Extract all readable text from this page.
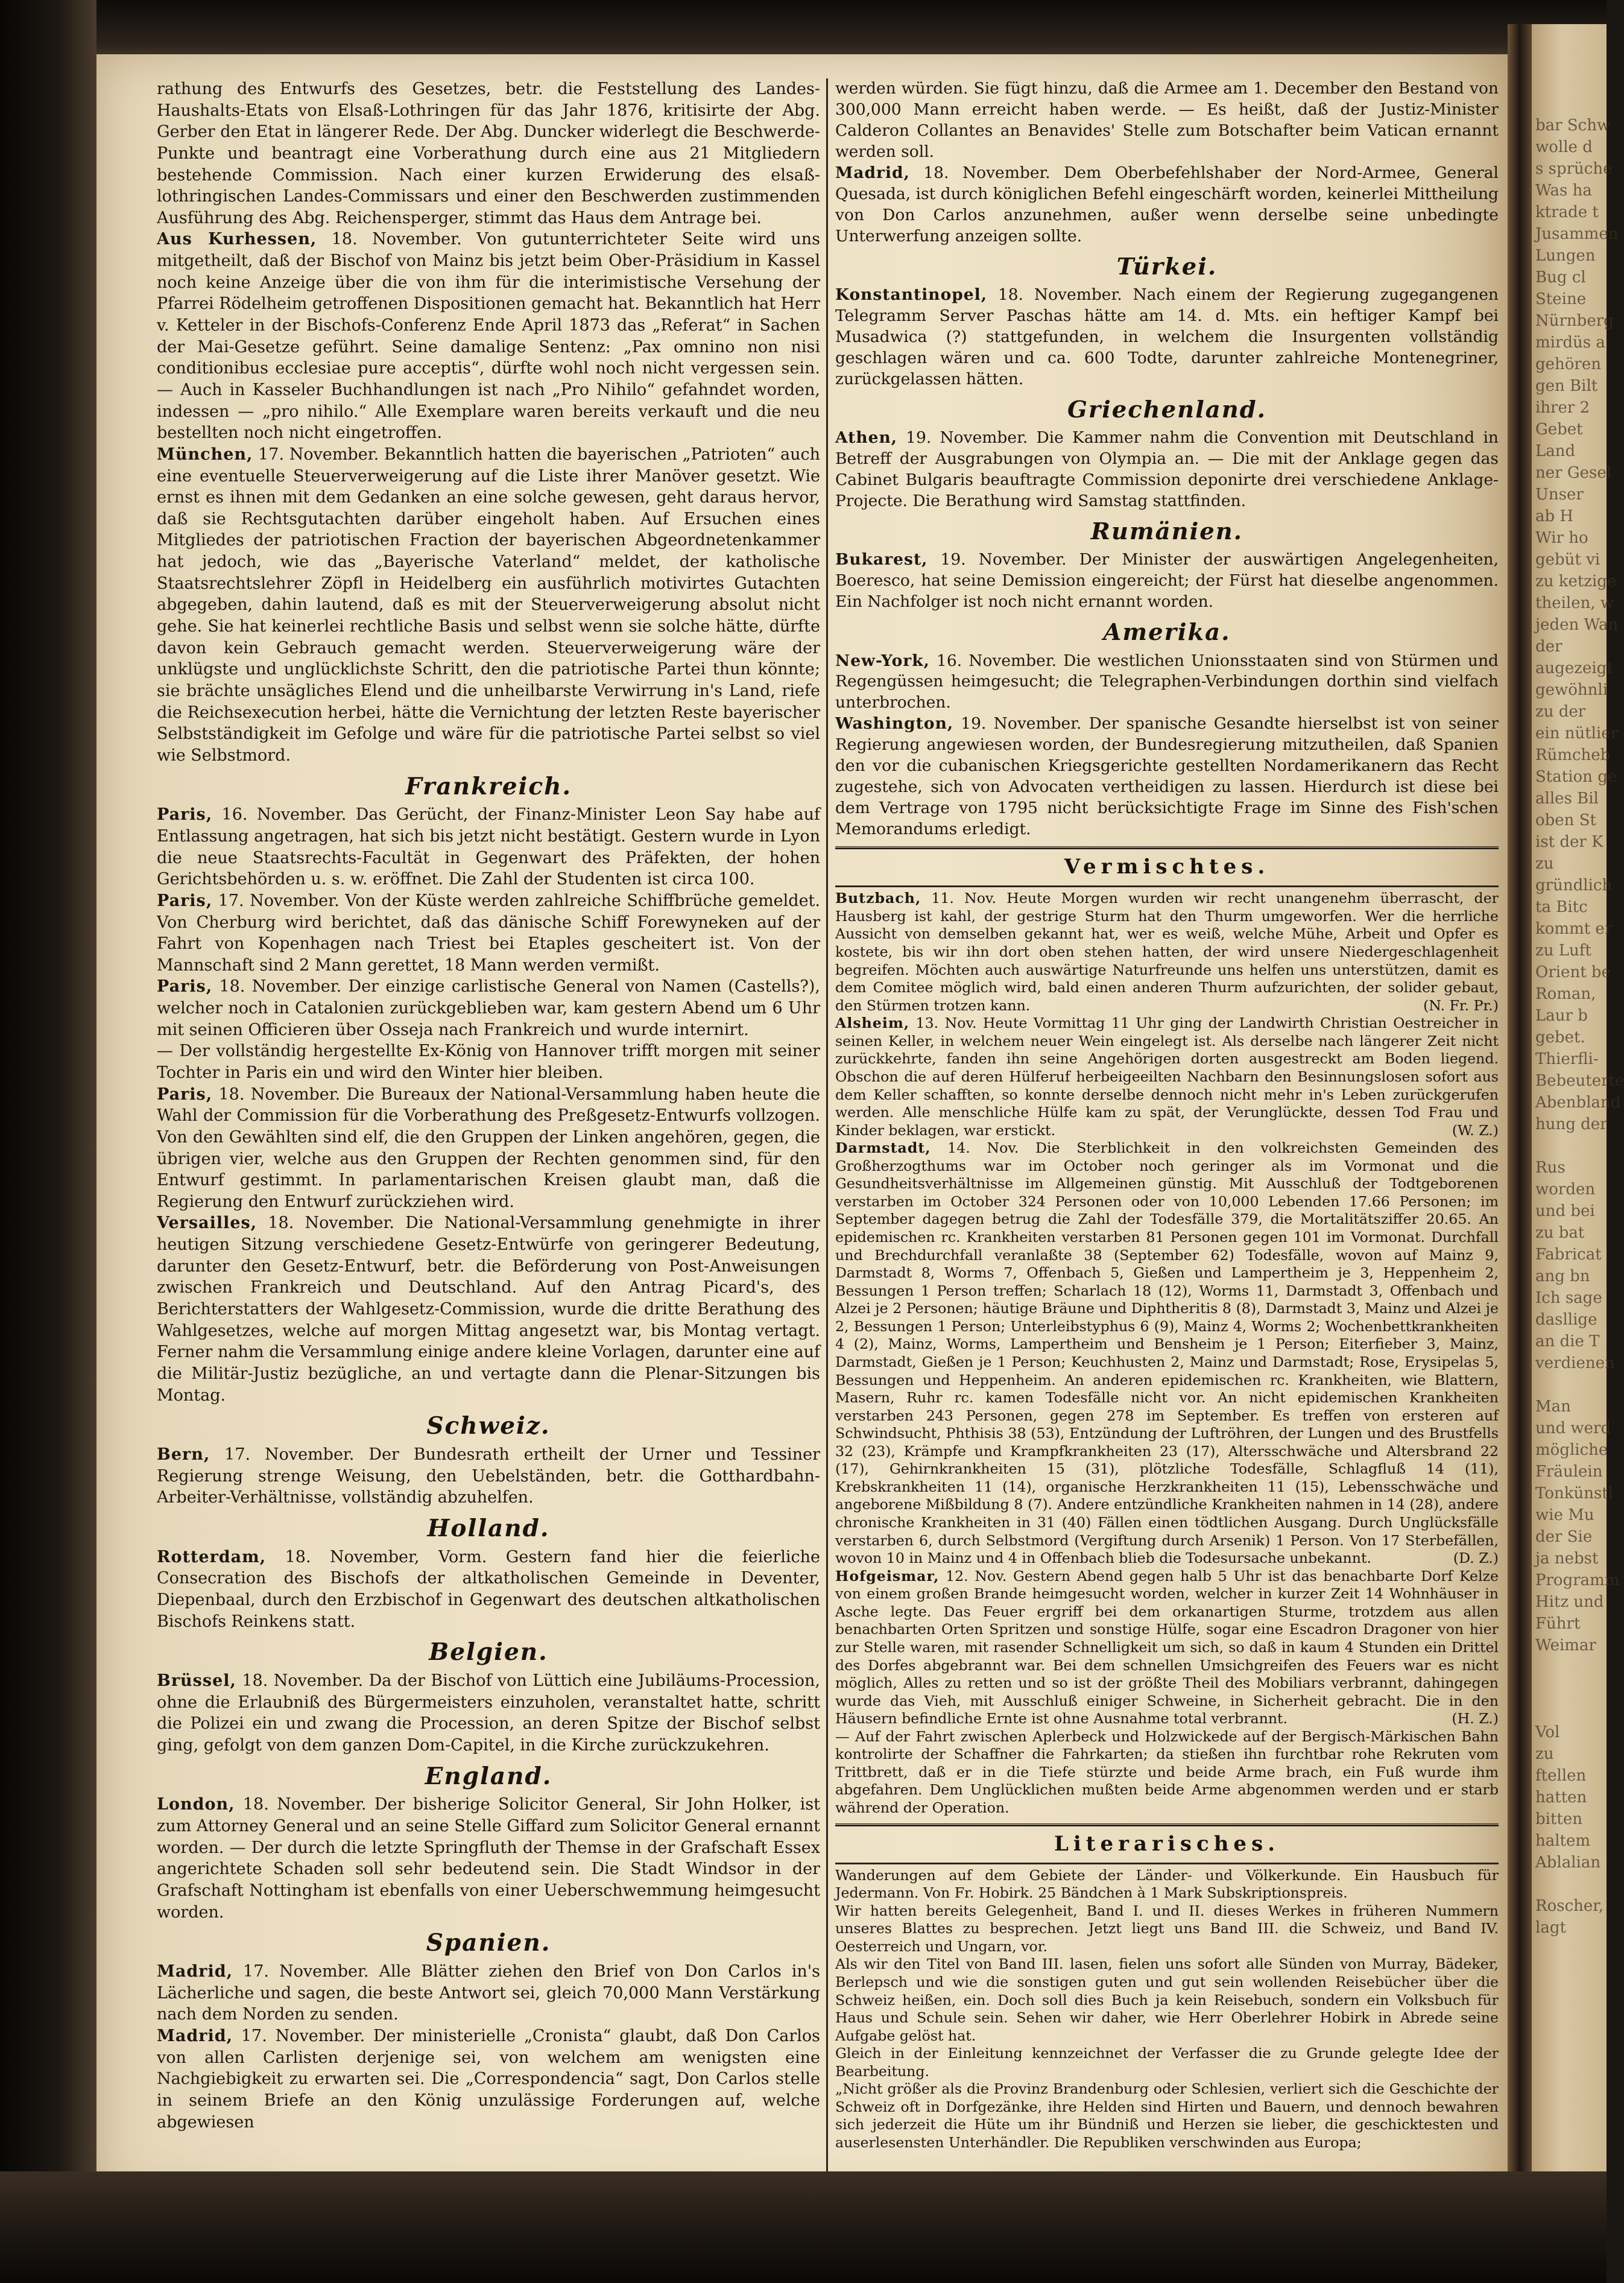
rathung des Entwurfs des Gesetzes, betr. die Feststellung des Landes-Haushalts-Etats von Elsaß-Lothringen für das Jahr 1876, kritisirte der Abg. Gerber den Etat in längerer Rede. Der Abg. Duncker widerlegt die Beschwerde-Punkte und beantragt eine Vorberathung durch eine aus 21 Mitgliedern bestehende Commission. Nach einer kurzen Erwiderung des elsaß-lothringischen Landes-Commissars und einer den Beschwerden zustimmenden Ausführung des Abg. Reichensperger, stimmt das Haus dem Antrage bei.

Aus Kurhessen, 18. November. Von gutunterrichteter Seite wird uns mitgetheilt, daß der Bischof von Mainz bis jetzt beim Ober-Präsidium in Kassel noch keine Anzeige über die von ihm für die interimistische Versehung der Pfarrei Rödelheim getroffenen Dispositionen gemacht hat. Bekanntlich hat Herr v. Ketteler in der Bischofs-Conferenz Ende April 1873 das „Referat“ in Sachen der Mai-Gesetze geführt. Seine damalige Sentenz: „Pax omnino non nisi conditionibus ecclesiae pure acceptis“, dürfte wohl noch nicht vergessen sein. — Auch in Kasseler Buchhandlungen ist nach „Pro Nihilo“ gefahndet worden, indessen — „pro nihilo.“ Alle Exemplare waren bereits verkauft und die neu bestellten noch nicht eingetroffen.

München, 17. November. Bekanntlich hatten die bayerischen „Patrioten“ auch eine eventuelle Steuerverweigerung auf die Liste ihrer Manöver gesetzt. Wie ernst es ihnen mit dem Gedanken an eine solche gewesen, geht daraus hervor, daß sie Rechtsgutachten darüber eingeholt haben. Auf Ersuchen eines Mitgliedes der patriotischen Fraction der bayerischen Abgeordnetenkammer hat jedoch, wie das „Bayerische Vaterland“ meldet, der katholische Staatsrechtslehrer Zöpfl in Heidelberg ein ausführlich motivirtes Gutachten abgegeben, dahin lautend, daß es mit der Steuerverweigerung absolut nicht gehe. Sie hat keinerlei rechtliche Basis und selbst wenn sie solche hätte, dürfte davon kein Gebrauch gemacht werden. Steuerverweigerung wäre der unklügste und unglücklichste Schritt, den die patriotische Partei thun könnte; sie brächte unsägliches Elend und die unheilbarste Verwirrung in's Land, riefe die Reichsexecution herbei, hätte die Vernichtung der letzten Reste bayerischer Selbstständigkeit im Gefolge und wäre für die patriotische Partei selbst so viel wie Selbstmord.

Frankreich.

Paris, 16. November. Das Gerücht, der Finanz-Minister Leon Say habe auf Entlassung angetragen, hat sich bis jetzt nicht bestätigt. Gestern wurde in Lyon die neue Staatsrechts-Facultät in Gegenwart des Präfekten, der hohen Gerichtsbehörden u. s. w. eröffnet. Die Zahl der Studenten ist circa 100.

Paris, 17. November. Von der Küste werden zahlreiche Schiffbrüche gemeldet. Von Cherburg wird berichtet, daß das dänische Schiff Forewyneken auf der Fahrt von Kopenhagen nach Triest bei Etaples gescheitert ist. Von der Mannschaft sind 2 Mann gerettet, 18 Mann werden vermißt.

Paris, 18. November. Der einzige carlistische General von Namen (Castells?), welcher noch in Catalonien zurückgeblieben war, kam gestern Abend um 6 Uhr mit seinen Officieren über Osseja nach Frankreich und wurde internirt.

— Der vollständig hergestellte Ex-König von Hannover trifft morgen mit seiner Tochter in Paris ein und wird den Winter hier bleiben.

Paris, 18. November. Die Bureaux der National-Versammlung haben heute die Wahl der Commission für die Vorberathung des Preßgesetz-Entwurfs vollzogen. Von den Gewählten sind elf, die den Gruppen der Linken angehören, gegen, die übrigen vier, welche aus den Gruppen der Rechten genommen sind, für den Entwurf gestimmt. In parlamentarischen Kreisen glaubt man, daß die Regierung den Entwurf zurückziehen wird.

Versailles, 18. November. Die National-Versammlung genehmigte in ihrer heutigen Sitzung verschiedene Gesetz-Entwürfe von geringerer Bedeutung, darunter den Gesetz-Entwurf, betr. die Beförderung von Post-Anweisungen zwischen Frankreich und Deutschland. Auf den Antrag Picard's, des Berichterstatters der Wahlgesetz-Commission, wurde die dritte Berathung des Wahlgesetzes, welche auf morgen Mittag angesetzt war, bis Montag vertagt. Ferner nahm die Versammlung einige andere kleine Vorlagen, darunter eine auf die Militär-Justiz bezügliche, an und vertagte dann die Plenar-Sitzungen bis Montag.

Schweiz.

Bern, 17. November. Der Bundesrath ertheilt der Urner und Tessiner Regierung strenge Weisung, den Uebelständen, betr. die Gotthardbahn-Arbeiter-Verhältnisse, vollständig abzuhelfen.

Holland.

Rotterdam, 18. November, Vorm. Gestern fand hier die feierliche Consecration des Bischofs der altkatholischen Gemeinde in Deventer, Diepenbaal, durch den Erzbischof in Gegenwart des deutschen altkatholischen Bischofs Reinkens statt.

Belgien.

Brüssel, 18. November. Da der Bischof von Lüttich eine Jubiläums-Procession, ohne die Erlaubniß des Bürgermeisters einzuholen, veranstaltet hatte, schritt die Polizei ein und zwang die Procession, an deren Spitze der Bischof selbst ging, gefolgt von dem ganzen Dom-Capitel, in die Kirche zurückzukehren.

England.

London, 18. November. Der bisherige Solicitor General, Sir John Holker, ist zum Attorney General und an seine Stelle Giffard zum Solicitor General ernannt worden. — Der durch die letzte Springfluth der Themse in der Grafschaft Essex angerichtete Schaden soll sehr bedeutend sein. Die Stadt Windsor in der Grafschaft Nottingham ist ebenfalls von einer Ueberschwemmung heimgesucht worden.

Spanien.

Madrid, 17. November. Alle Blätter ziehen den Brief von Don Carlos in's Lächerliche und sagen, die beste Antwort sei, gleich 70,000 Mann Verstärkung nach dem Norden zu senden.

Madrid, 17. November. Der ministerielle „Cronista“ glaubt, daß Don Carlos von allen Carlisten derjenige sei, von welchem am wenigsten eine Nachgiebigkeit zu erwarten sei. Die „Correspondencia“ sagt, Don Carlos stelle in seinem Briefe an den König unzulässige Forderungen auf, welche abgewiesen

werden würden. Sie fügt hinzu, daß die Armee am 1. December den Bestand von 300,000 Mann erreicht haben werde. — Es heißt, daß der Justiz-Minister Calderon Collantes an Benavides' Stelle zum Botschafter beim Vatican ernannt werden soll.

Madrid, 18. November. Dem Oberbefehlshaber der Nord-Armee, General Quesada, ist durch königlichen Befehl eingeschärft worden, keinerlei Mittheilung von Don Carlos anzunehmen, außer wenn derselbe seine unbedingte Unterwerfung anzeigen sollte.

Türkei.

Konstantinopel, 18. November. Nach einem der Regierung zugegangenen Telegramm Server Paschas hätte am 14. d. Mts. ein heftiger Kampf bei Musadwica (?) stattgefunden, in welchem die Insurgenten vollständig geschlagen wären und ca. 600 Todte, darunter zahlreiche Montenegriner, zurückgelassen hätten.

Griechenland.

Athen, 19. November. Die Kammer nahm die Convention mit Deutschland in Betreff der Ausgrabungen von Olympia an. — Die mit der Anklage gegen das Cabinet Bulgaris beauftragte Commission deponirte drei verschiedene Anklage-Projecte. Die Berathung wird Samstag stattfinden.

Rumänien.

Bukarest, 19. November. Der Minister der auswärtigen Angelegenheiten, Boeresco, hat seine Demission eingereicht; der Fürst hat dieselbe angenommen. Ein Nachfolger ist noch nicht ernannt worden.

Amerika.

New-York, 16. November. Die westlichen Unionsstaaten sind von Stürmen und Regengüssen heimgesucht; die Telegraphen-Verbindungen dorthin sind vielfach unterbrochen.

Washington, 19. November. Der spanische Gesandte hierselbst ist von seiner Regierung angewiesen worden, der Bundesregierung mitzutheilen, daß Spanien den vor die cubanischen Kriegsgerichte gestellten Nordamerikanern das Recht zugestehe, sich von Advocaten vertheidigen zu lassen. Hierdurch ist diese bei dem Vertrage von 1795 nicht berücksichtigte Frage im Sinne des Fish'schen Memorandums erledigt.

Vermischtes.

Butzbach, 11. Nov. Heute Morgen wurden wir recht unangenehm überrascht, der Hausberg ist kahl, der gestrige Sturm hat den Thurm umgeworfen. Wer die herrliche Aussicht von demselben gekannt hat, wer es weiß, welche Mühe, Arbeit und Opfer es kostete, bis wir ihn dort oben stehen hatten, der wird unsere Niedergeschlagenheit begreifen. Möchten auch auswärtige Naturfreunde uns helfen uns unterstützen, damit es dem Comitee möglich wird, bald einen anderen Thurm aufzurichten, der solider gebaut, den Stürmen trotzen kann.	(N. Fr. Pr.)

Alsheim, 13. Nov. Heute Vormittag 11 Uhr ging der Landwirth Christian Oestreicher in seinen Keller, in welchem neuer Wein eingelegt ist. Als derselbe nach längerer Zeit nicht zurückkehrte, fanden ihn seine Angehörigen dorten ausgestreckt am Boden liegend. Obschon die auf deren Hülferuf herbeigeeilten Nachbarn den Besinnungslosen sofort aus dem Keller schafften, so konnte derselbe dennoch nicht mehr in's Leben zurückgerufen werden. Alle menschliche Hülfe kam zu spät, der Verunglückte, dessen Tod Frau und Kinder beklagen, war erstickt.	(W. Z.)

Darmstadt, 14. Nov. Die Sterblichkeit in den volkreichsten Gemeinden des Großherzogthums war im October noch geringer als im Vormonat und die Gesundheitsverhältnisse im Allgemeinen günstig. Mit Ausschluß der Todtgeborenen verstarben im October 324 Personen oder von 10,000 Lebenden 17.66 Personen; im September dagegen betrug die Zahl der Todesfälle 379, die Mortalitätsziffer 20.65. An epidemischen rc. Krankheiten verstarben 81 Personen gegen 101 im Vormonat. Durchfall und Brechdurchfall veranlaßte 38 (September 62) Todesfälle, wovon auf Mainz 9, Darmstadt 8, Worms 7, Offenbach 5, Gießen und Lampertheim je 3, Heppenheim 2, Bessungen 1 Person treffen; Scharlach 18 (12), Worms 11, Darmstadt 3, Offenbach und Alzei je 2 Personen; häutige Bräune und Diphtheritis 8 (8), Darmstadt 3, Mainz und Alzei je 2, Bessungen 1 Person; Unterleibstyphus 6 (9), Mainz 4, Worms 2; Wochenbettkrankheiten 4 (2), Mainz, Worms, Lampertheim und Bensheim je 1 Person; Eiterfieber 3, Mainz, Darmstadt, Gießen je 1 Person; Keuchhusten 2, Mainz und Darmstadt; Rose, Erysipelas 5, Bessungen und Heppenheim. An anderen epidemischen rc. Krankheiten, wie Blattern, Masern, Ruhr rc. kamen Todesfälle nicht vor. An nicht epidemischen Krankheiten verstarben 243 Personen, gegen 278 im September. Es treffen von ersteren auf Schwindsucht, Phthisis 38 (53), Entzündung der Luftröhren, der Lungen und des Brustfells 32 (23), Krämpfe und Krampfkrankheiten 23 (17), Altersschwäche und Altersbrand 22 (17), Gehirnkrankheiten 15 (31), plötzliche Todesfälle, Schlagfluß 14 (11), Krebskrankheiten 11 (14), organische Herzkrankheiten 11 (15), Lebensschwäche und angeborene Mißbildung 8 (7). Andere entzündliche Krankheiten nahmen in 14 (28), andere chronische Krankheiten in 31 (40) Fällen einen tödtlichen Ausgang. Durch Unglücksfälle verstarben 6, durch Selbstmord (Vergiftung durch Arsenik) 1 Person. Von 17 Sterbefällen, wovon 10 in Mainz und 4 in Offenbach blieb die Todesursache unbekannt.	(D. Z.)

Hofgeismar, 12. Nov. Gestern Abend gegen halb 5 Uhr ist das benachbarte Dorf Kelze von einem großen Brande heimgesucht worden, welcher in kurzer Zeit 14 Wohnhäuser in Asche legte. Das Feuer ergriff bei dem orkanartigen Sturme, trotzdem aus allen benachbarten Orten Spritzen und sonstige Hülfe, sogar eine Escadron Dragoner von hier zur Stelle waren, mit rasender Schnelligkeit um sich, so daß in kaum 4 Stunden ein Drittel des Dorfes abgebrannt war. Bei dem schnellen Umsichgreifen des Feuers war es nicht möglich, Alles zu retten und so ist der größte Theil des Mobiliars verbrannt, dahingegen wurde das Vieh, mit Ausschluß einiger Schweine, in Sicherheit gebracht. Die in den Häusern befindliche Ernte ist ohne Ausnahme total verbrannt.	(H. Z.)

— Auf der Fahrt zwischen Aplerbeck und Holzwickede auf der Bergisch-Märkischen Bahn kontrolirte der Schaffner die Fahrkarten; da stießen ihn furchtbar rohe Rekruten vom Trittbrett, daß er in die Tiefe stürzte und beide Arme brach, ein Fuß wurde ihm abgefahren. Dem Unglücklichen mußten beide Arme abgenommen werden und er starb während der Operation.

Literarisches.

Wanderungen auf dem Gebiete der Länder- und Völkerkunde. Ein Hausbuch für Jedermann. Von Fr. Hobirk. 25 Bändchen à 1 Mark Subskriptionspreis.

Wir hatten bereits Gelegenheit, Band I. und II. dieses Werkes in früheren Nummern unseres Blattes zu besprechen. Jetzt liegt uns Band III. die Schweiz, und Band IV. Oesterreich und Ungarn, vor.

Als wir den Titel von Band III. lasen, fielen uns sofort alle Sünden von Murray, Bädeker, Berlepsch und wie die sonstigen guten und gut sein wollenden Reisebücher über die Schweiz heißen, ein. Doch soll dies Buch ja kein Reisebuch, sondern ein Volksbuch für Haus und Schule sein. Sehen wir daher, wie Herr Oberlehrer Hobirk in Abrede seine Aufgabe gelöst hat.

Gleich in der Einleitung kennzeichnet der Verfasser die zu Grunde gelegte Idee der Bearbeitung.

„Nicht größer als die Provinz Brandenburg oder Schlesien, verliert sich die Geschichte der Schweiz oft in Dorfgezänke, ihre Helden sind Hirten und Bauern, und dennoch bewahren sich jederzeit die Hüte um ihr Bündniß und Herzen sie lieber, die geschicktesten und auserlesensten Unterhändler. Die Republiken verschwinden aus Europa;

bar Schw
wolle d
s sprüche
Was ha
ktrade t
Jusammen
Lungen
Bug cl
Steine
Nürnberg
mirdüs a
gehören
gen Bilt
ihrer 2
Gebet
Land
ner Gesel
Unser
ab H
Wir ho
gebüt vi
zu ketzige
theilen, w
jeden Wan
der
augezeigt
gewöhnli
zu der
ein nütlier
Rümcheb
Station ge
alles Bil
oben St
ist der K
zu
gründlich
ta Bitc
kommt er
zu Luft
Orient be
Roman,
Laur b
gebet.
Thierfli-
Bebeuterte
Abenbland
hung der

Rus
worden
und bei
zu bat
Fabricat
ang bn
Ich sage
dasllige
an die T
verdienen

Man
und werd
mögliche
Fräulein
Tonkünstl
wie Mu
der Sie
ja nebst
Programm
Hitz und
Führt
Weimar

Vol
zu
ftellen
hatten
bitten
haltem
Ablalian

Roscher,
lagt
